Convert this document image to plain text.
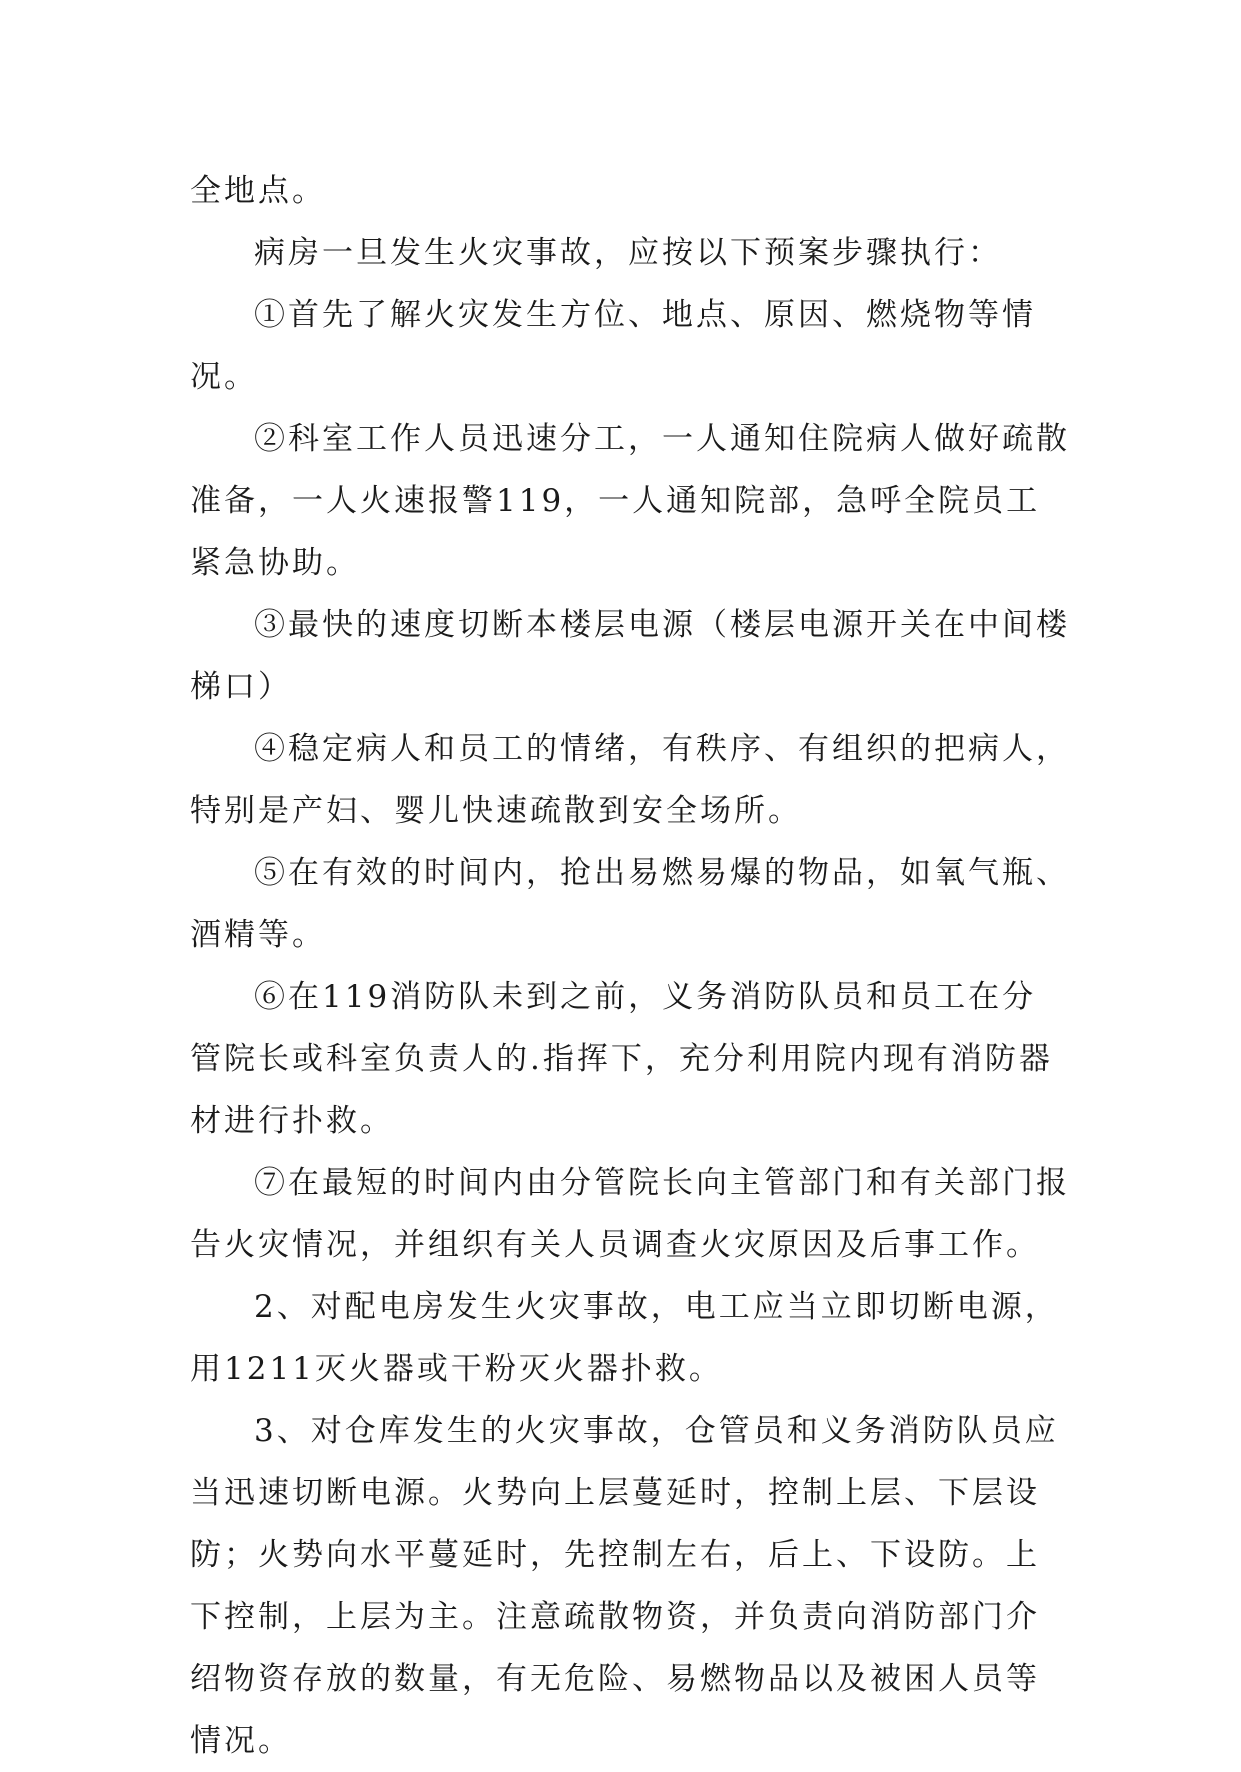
全地点。

病房一旦发生火灾事故，应按以下预案步骤执行：

①首先了解火灾发生方位、地点、原因、燃烧物等情况。

②科室工作人员迅速分工，一人通知住院病人做好疏散准备，一人火速报警119，一人通知院部，急呼全院员工紧急协助。

③最快的速度切断本楼层电源（楼层电源开关在中间楼梯口）

④稳定病人和员工的情绪，有秩序、有组织的把病人，特别是产妇、婴儿快速疏散到安全场所。

⑤在有效的时间内，抢出易燃易爆的物品，如氧气瓶、酒精等。

⑥在119消防队未到之前，义务消防队员和员工在分管院长或科室负责人的.指挥下，充分利用院内现有消防器材进行扑救。

⑦在最短的时间内由分管院长向主管部门和有关部门报告火灾情况，并组织有关人员调查火灾原因及后事工作。

2、对配电房发生火灾事故，电工应当立即切断电源，用1211灭火器或干粉灭火器扑救。

3、对仓库发生的火灾事故，仓管员和义务消防队员应当迅速切断电源。火势向上层蔓延时，控制上层、下层设防；火势向水平蔓延时，先控制左右，后上、下设防。上下控制，上层为主。注意疏散物资，并负责向消防部门介绍物资存放的数量，有无危险、易燃物品以及被困人员等情况。
